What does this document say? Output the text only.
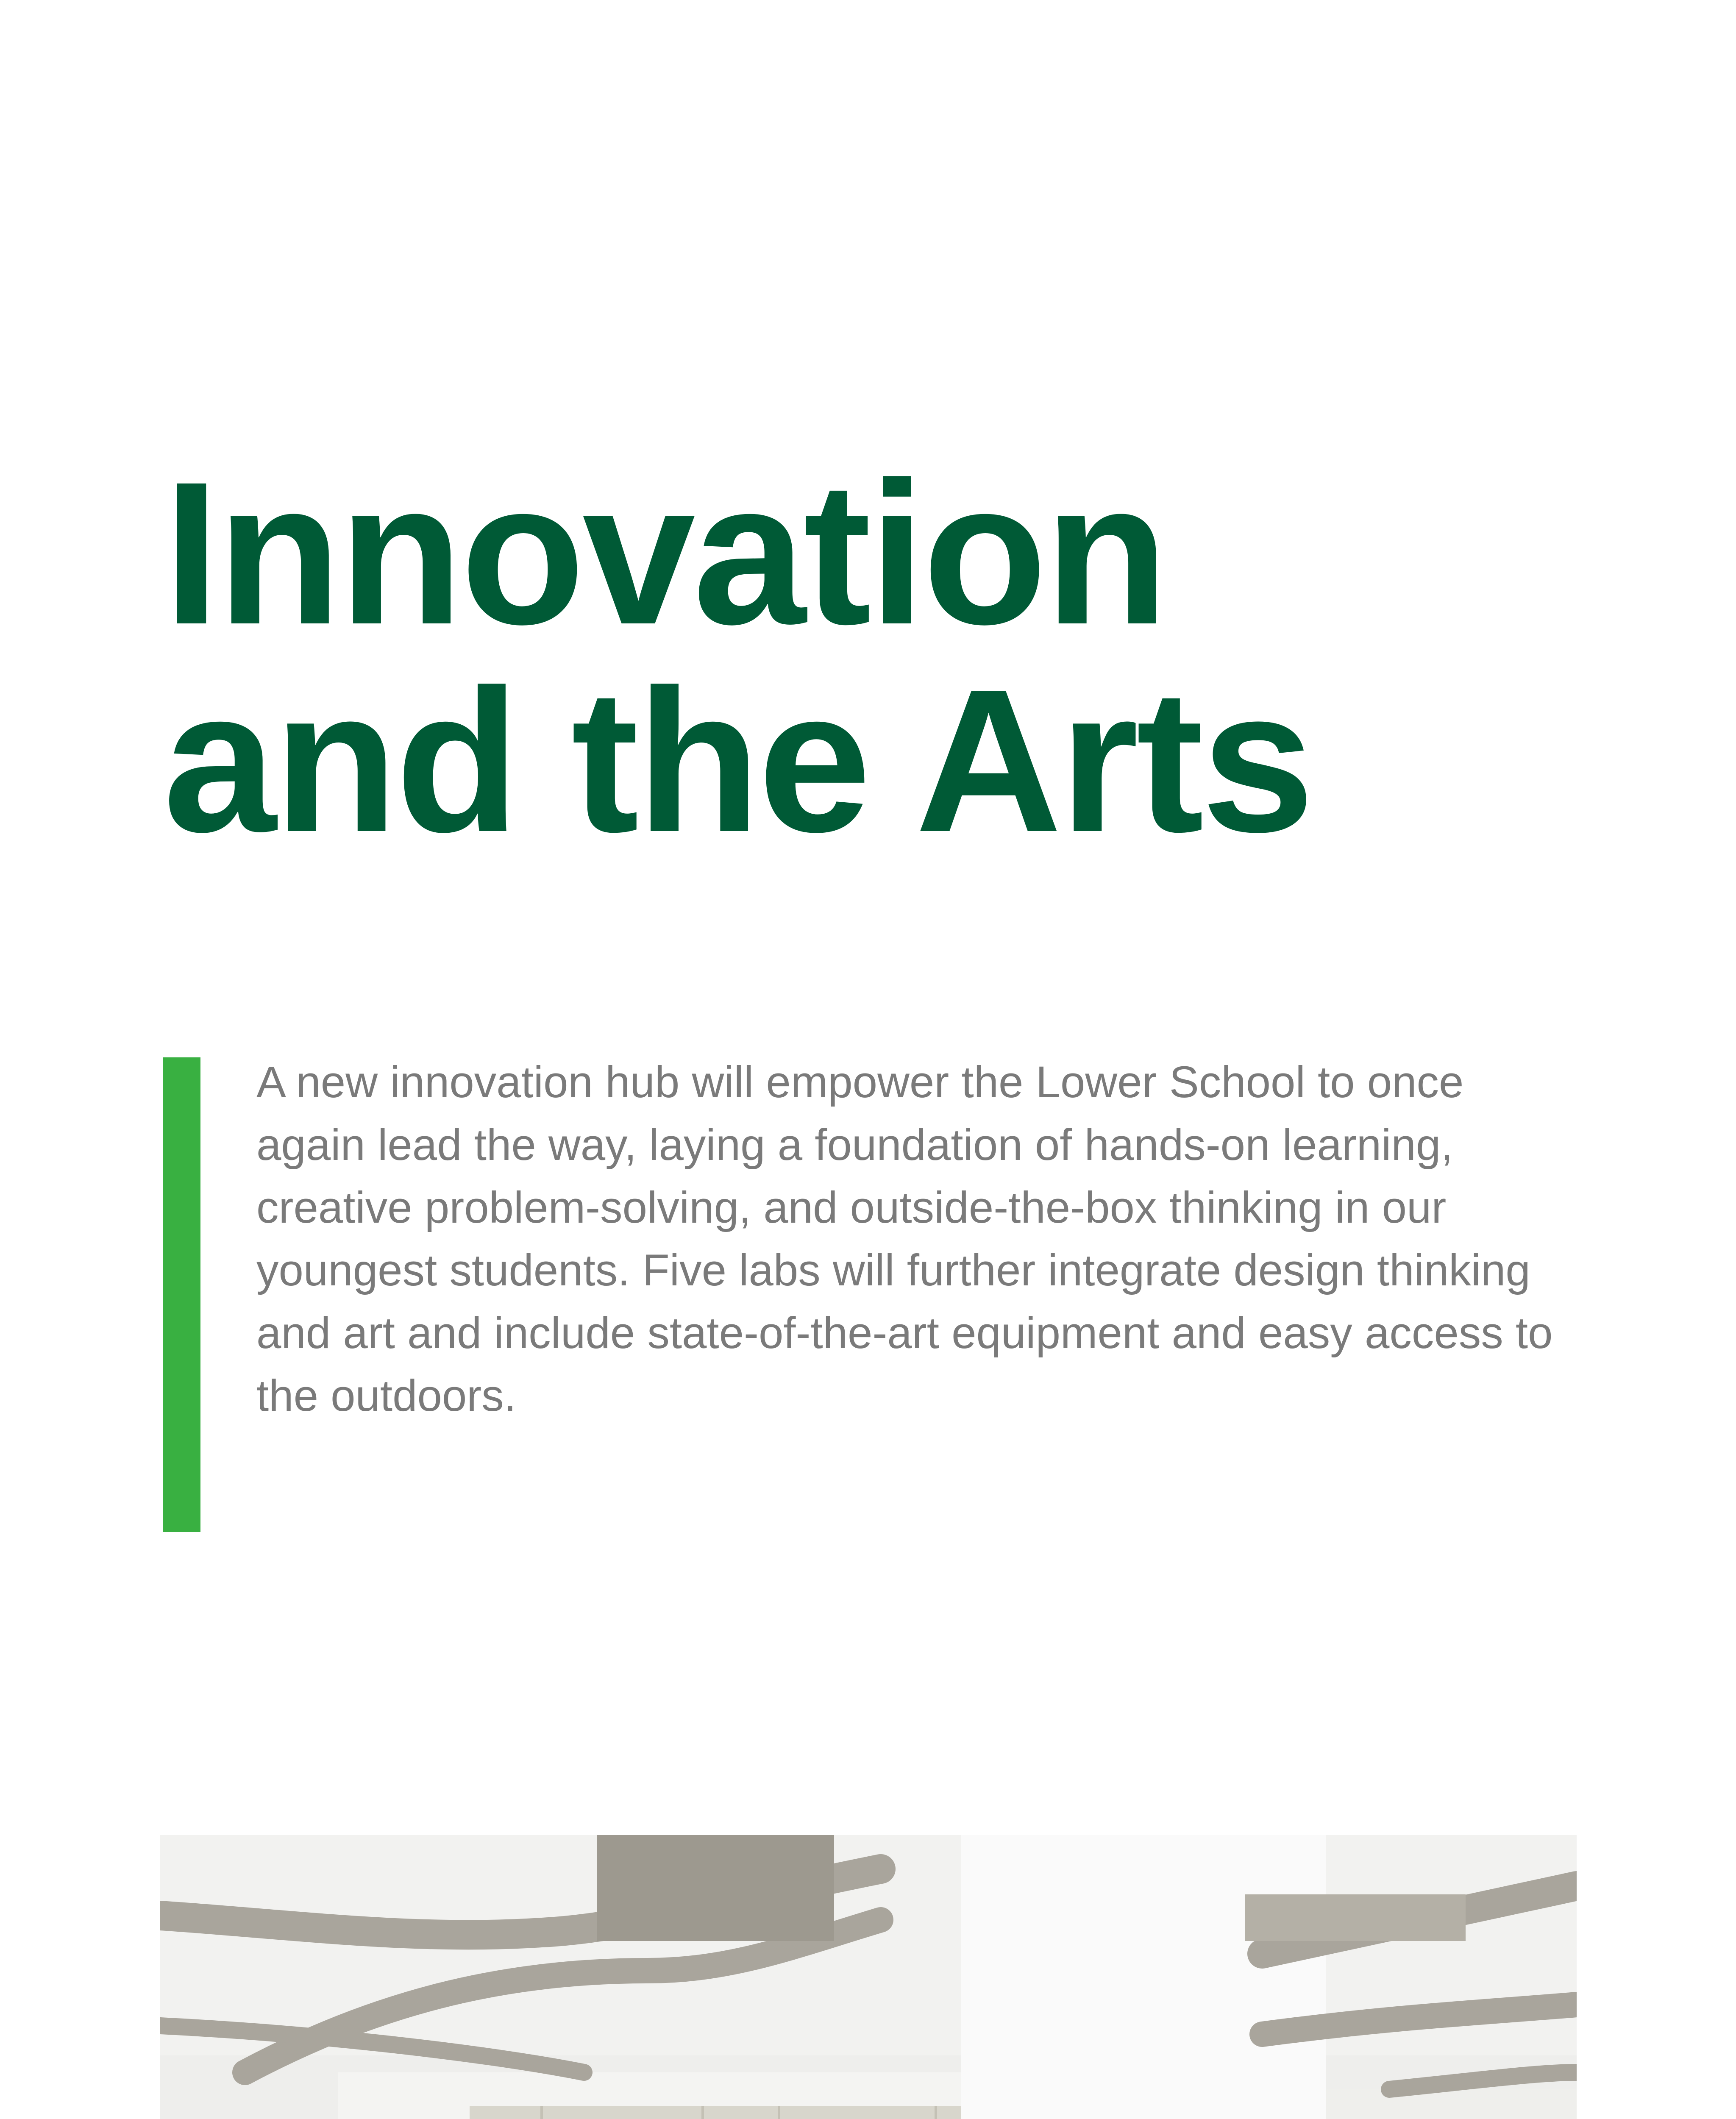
Innovation
and the Arts

A new innovation hub will empower the Lower School to once again lead the way, laying a foundation of hands-on learning, creative problem-solving, and outside-the-box thinking in our youngest students. Five labs will further integrate design thinking and art and include state-of-the-art equipment and easy access to the outdoors.
